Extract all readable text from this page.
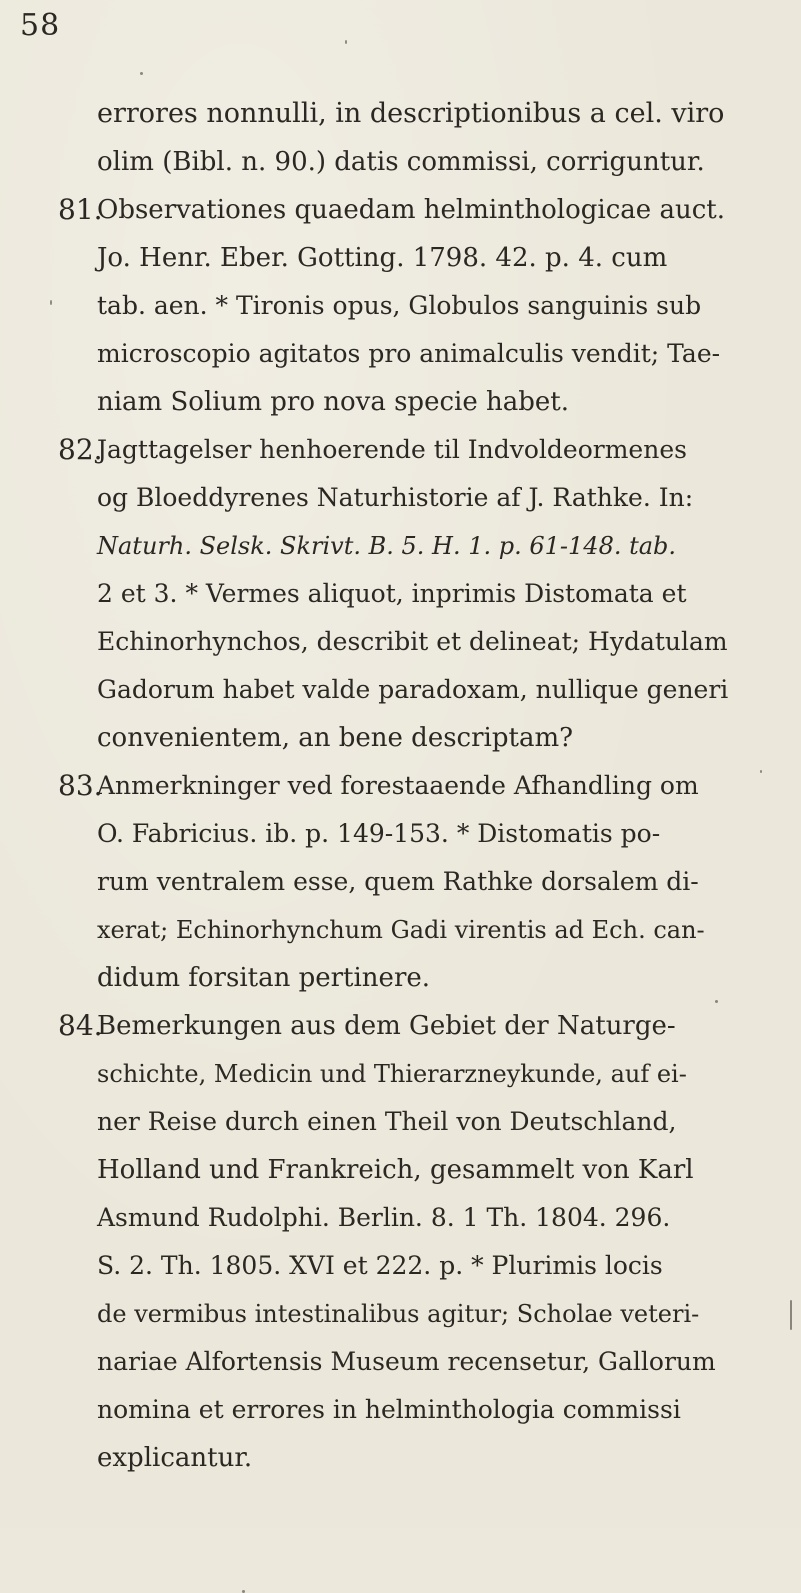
58
errores nonnulli, in descriptionibus a cel. viro
olim (Bibl. n. 90.) datis commissi, corriguntur.
81.
Observationes quaedam helminthologicae auct.
Jo. Henr. Eber. Gotting. 1798. 42. p. 4. cum
tab. aen. * Tironis opus, Globulos sanguinis sub
microscopio agitatos pro animalculis vendit; Tae-
niam Solium pro nova specie habet.
82.
Jagttagelser henhoerende til Indvoldeormenes
og Bloeddyrenes Naturhistorie af J. Rathke. In:
Naturh. Selsk. Skrivt. B. 5. H. 1. p. 61-148. tab.
2 et 3. * Vermes aliquot, inprimis Distomata et
Echinorhynchos, describit et delineat; Hydatulam
Gadorum habet valde paradoxam, nullique generi
convenientem, an bene descriptam?
83.
Anmerkninger ved forestaaende Afhandling om
O. Fabricius. ib. p. 149-153. * Distomatis po-
rum ventralem esse, quem Rathke dorsalem di-
xerat; Echinorhynchum Gadi virentis ad Ech. can-
didum forsitan pertinere.
84.
Bemerkungen aus dem Gebiet der Naturge-
schichte, Medicin und Thierarzneykunde, auf ei-
ner Reise durch einen Theil von Deutschland,
Holland und Frankreich, gesammelt von Karl
Asmund Rudolphi. Berlin. 8. 1 Th. 1804. 296.
S. 2. Th. 1805. XVI et 222. p. * Plurimis locis
de vermibus intestinalibus agitur; Scholae veteri-
nariae Alfortensis Museum recensetur, Gallorum
nomina et errores in helminthologia commissi
explicantur.
